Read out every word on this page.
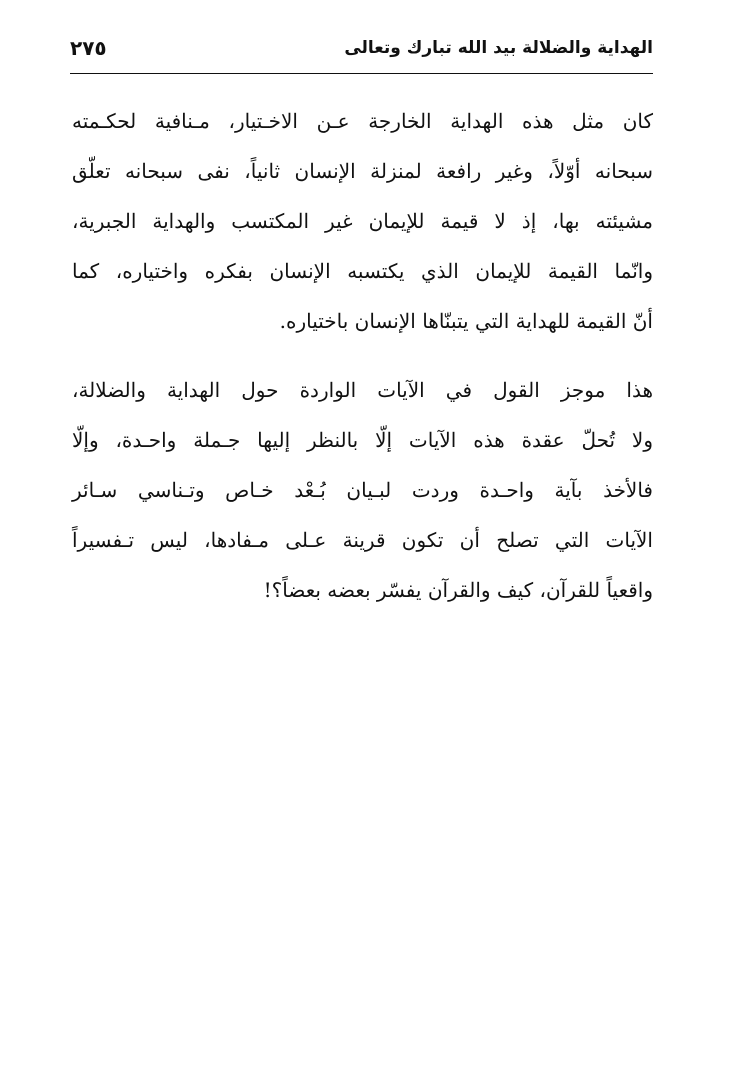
الهداية والضلالة بيد الله تبارك وتعالى
٢٧٥
كان مثل هذه الهداية الخارجة عـن الاخـتيار، مـنافية لحكـمته
سبحانه أوّلاً، وغير رافعة لمنزلة الإنسان ثانياً، نفى سبحانه تعلّق
مشيئته بها، إذ لا قيمة للإيمان غير المكتسب والهداية الجبرية،
وانّما القيمة للإيمان الذي يكتسبه الإنسان بفكره واختياره، كما
أنّ القيمة للهداية التي يتبنّاها الإنسان باختياره.
هذا موجز القول في الآيات الواردة حول الهداية والضلالة،
ولا تُحلّ عقدة هذه الآيات إلّا بالنظر إليها جـملة واحـدة، وإلّا
فالأخذ بآية واحـدة وردت لبـيان بُـعْد خـاص وتـناسي سـائر
الآيات التي تصلح أن تكون قرينة عـلى مـفادها، ليس تـفسيراً
واقعياً للقرآن، كيف والقرآن يفسّر بعضه بعضاً؟!
